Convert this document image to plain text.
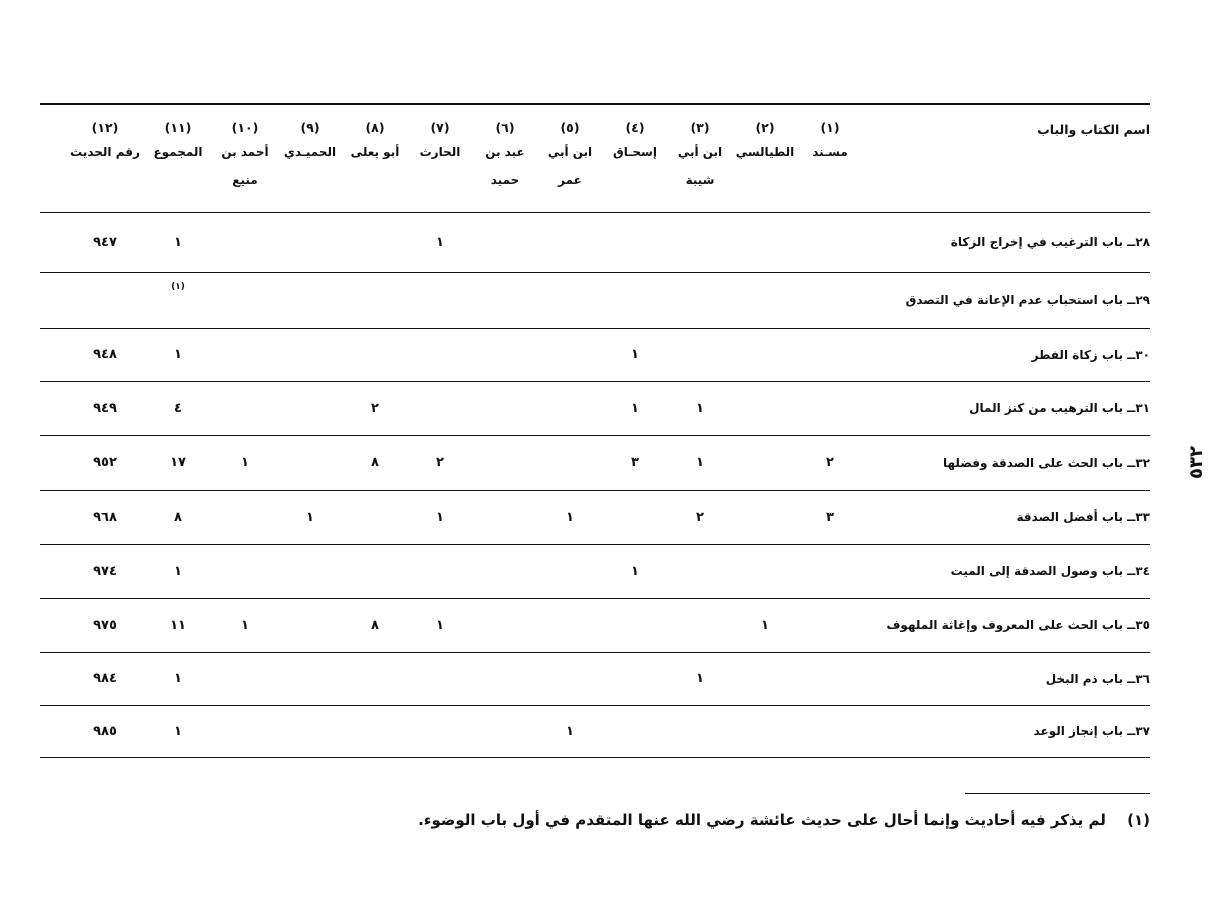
اسم الكتاب والباب
(١)
مسـند
(٢)
الطيالسي
(٣)
ابن أبي
شيبة
(٤)
إسحـاق
(٥)
ابن أبي
عمر
(٦)
عبد بن
حميد
(٧)
الحارث
(٨)
أبو يعلى
(٩)
الحميـدي
(١٠)
أحمد بن
منيع
(١١)
المجموع
(١٢)
رقم الحديث
٢٨ــ باب الترغيب في إخراج الزكاة
١
١
٩٤٧
٢٩ــ باب استحباب عدم الإعانة في التصدق
(١)
٣٠ــ باب زكاة الفطر
١
١
٩٤٨
٣١ــ باب الترهيب من كنز المال
١
١
٢
٤
٩٤٩
٣٢ــ باب الحث على الصدقة وفضلها
٢
١
٣
٢
٨
١
١٧
٩٥٢
٣٣ــ باب أفضل الصدقة
٣
٢
١
١
١
٨
٩٦٨
٣٤ــ باب وصول الصدقة إلى الميت
١
١
٩٧٤
٣٥ــ باب الحث على المعروف وإغاثة الملهوف
١
١
٨
١
١١
٩٧٥
٣٦ــ باب ذم البخل
١
١
٩٨٤
٣٧ــ باب إنجاز الوعد
١
١
٩٨٥
٥٣٢
(١) لم يذكر فيه أحاديث وإنما أحال على حديث عائشة رضي الله عنها المتقدم في أول باب الوضوء.
